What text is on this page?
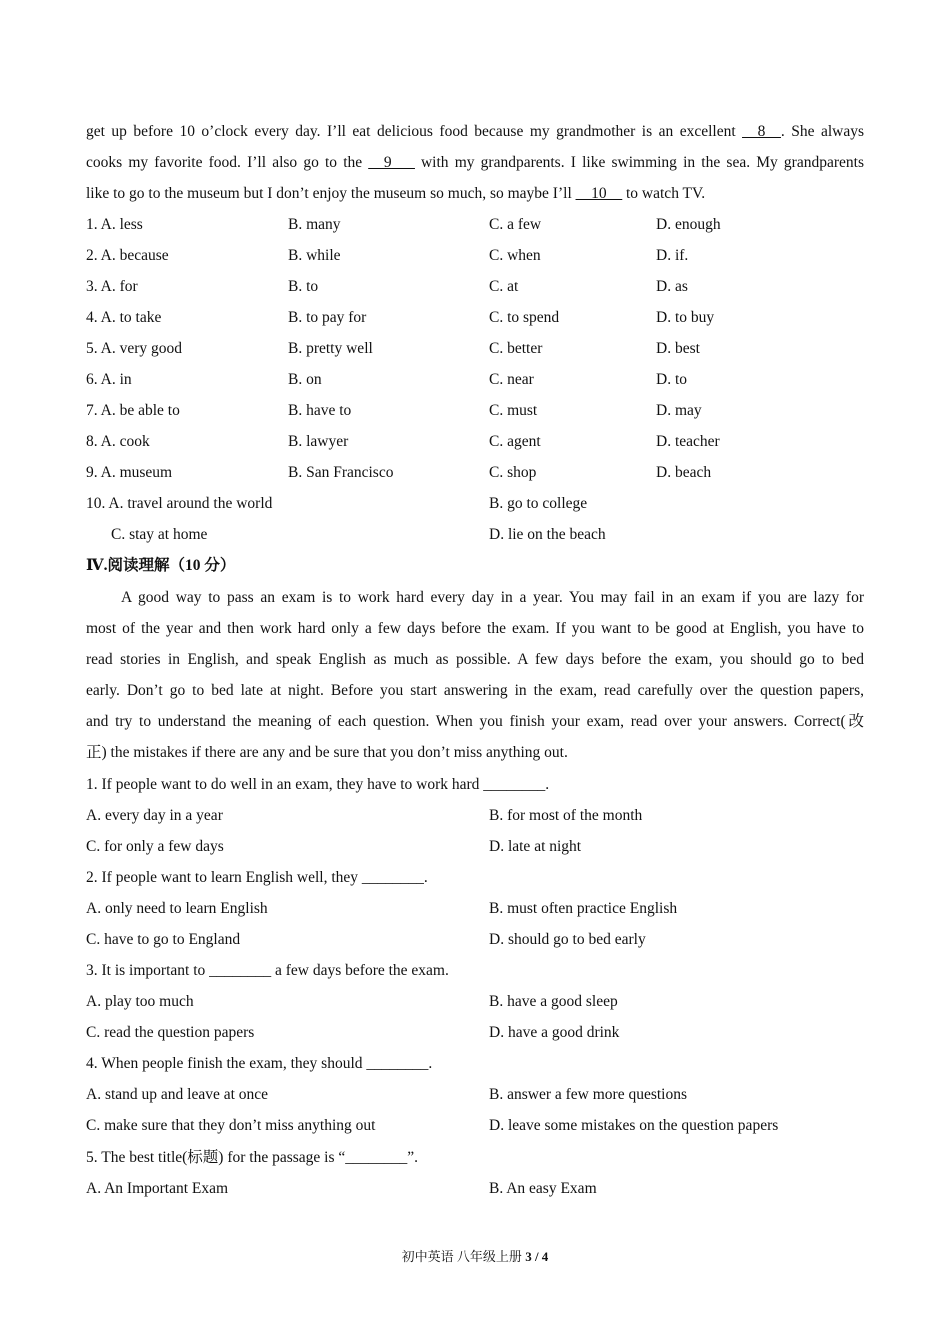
get up before 10 o’clock every day. I’ll eat delicious food because my grandmother is an excellent __8__. She always
cooks my favorite food. I’ll also go to the __9___ with my grandparents. I like swimming in the sea. My grandparents
like to go to the museum but I don’t enjoy the museum so much, so maybe I’ll __10__ to watch TV.
1. A. less	B. many	C. a few	D. enough
2. A. because	B. while	C. when	D. if.
3. A. for	B. to	C. at	D. as
4. A. to take	B. to pay for	C. to spend	D. to buy
5. A. very good	B. pretty well	C. better	D. best
6. A. in	B. on	C. near	D. to
7. A. be able to	B. have to	C. must	D. may
8. A. cook	B. lawyer	C. agent	D. teacher
9. A. museum	B. San Francisco	C. shop	D. beach
10. A. travel around the world	B. go to college
C. stay at home	D. lie on the beach
Ⅳ.阅读理解（10 分）
A good way to pass an exam is to work hard every day in a year. You may fail in an exam if you are lazy for
most of the year and then work hard only a few days before the exam. If you want to be good at English, you have to
read stories in English, and speak English as much as possible. A few days before the exam, you should go to bed
early. Don’t go to bed late at night. Before you start answering in the exam, read carefully over the question papers,
and try to understand the meaning of each question. When you finish your exam, read over your answers. Correct(改
正) the mistakes if there are any and be sure that you don’t miss anything out.
1. If people want to do well in an exam, they have to work hard ________.
A. every day in a year	B. for most of the month
C. for only a few days	D. late at night
2. If people want to learn English well, they ________.
A. only need to learn English	B. must often practice English
C. have to go to England	D. should go to bed early
3. It is important to ________ a few days before the exam.
A. play too much	B. have a good sleep
C. read the question papers	D. have a good drink
4. When people finish the exam, they should ________.
A. stand up and leave at once	B. answer a few more questions
C. make sure that they don’t miss anything out	D. leave some mistakes on the question papers
5. The best title(标题) for the passage is “________”.
A. An Important Exam	B. An easy Exam
初中英语 八年级上册 3 / 4
